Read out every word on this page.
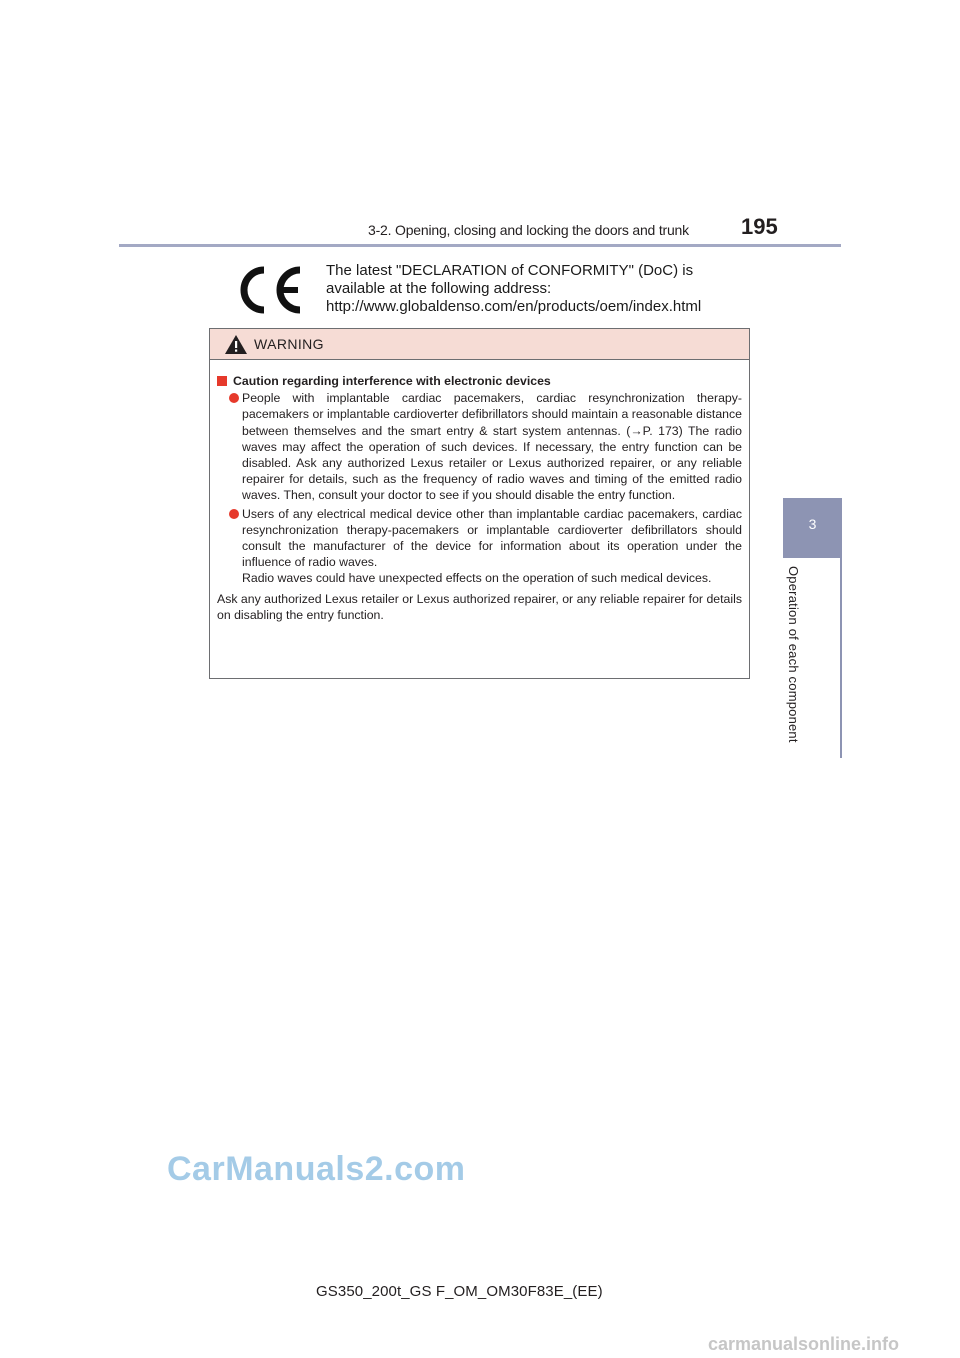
3-2. Opening, closing and locking the doors and trunk 195
3
Operation of each component
The latest "DECLARATION of CONFORMITY" (DoC) is
available at the following address:
http://www.globaldenso.com/en/products/oem/index.html
WARNING
Caution regarding interference with electronic devices

People with implantable cardiac pacemakers, cardiac resynchronization therapy-pacemakers or implantable cardioverter defibrillators should maintain a reasonable distance between themselves and the smart entry & start system antennas. (→P. 173) The radio waves may affect the operation of such devices. If necessary, the entry function can be disabled. Ask any authorized Lexus retailer or Lexus authorized repairer, or any reliable repairer for details, such as the frequency of radio waves and timing of the emitted radio waves. Then, consult your doctor to see if you should disable the entry function.

Users of any electrical medical device other than implantable cardiac pacemakers, cardiac resynchronization therapy-pacemakers or implantable cardioverter defibrillators should consult the manufacturer of the device for information about its operation under the influence of radio waves.

Radio waves could have unexpected effects on the operation of such medical devices.

Ask any authorized Lexus retailer or Lexus authorized repairer, or any reliable repairer for details on disabling the entry function.
CarManuals2.com
GS350_200t_GS F_OM_OM30F83E_(EE)
carmanualsonline.info
